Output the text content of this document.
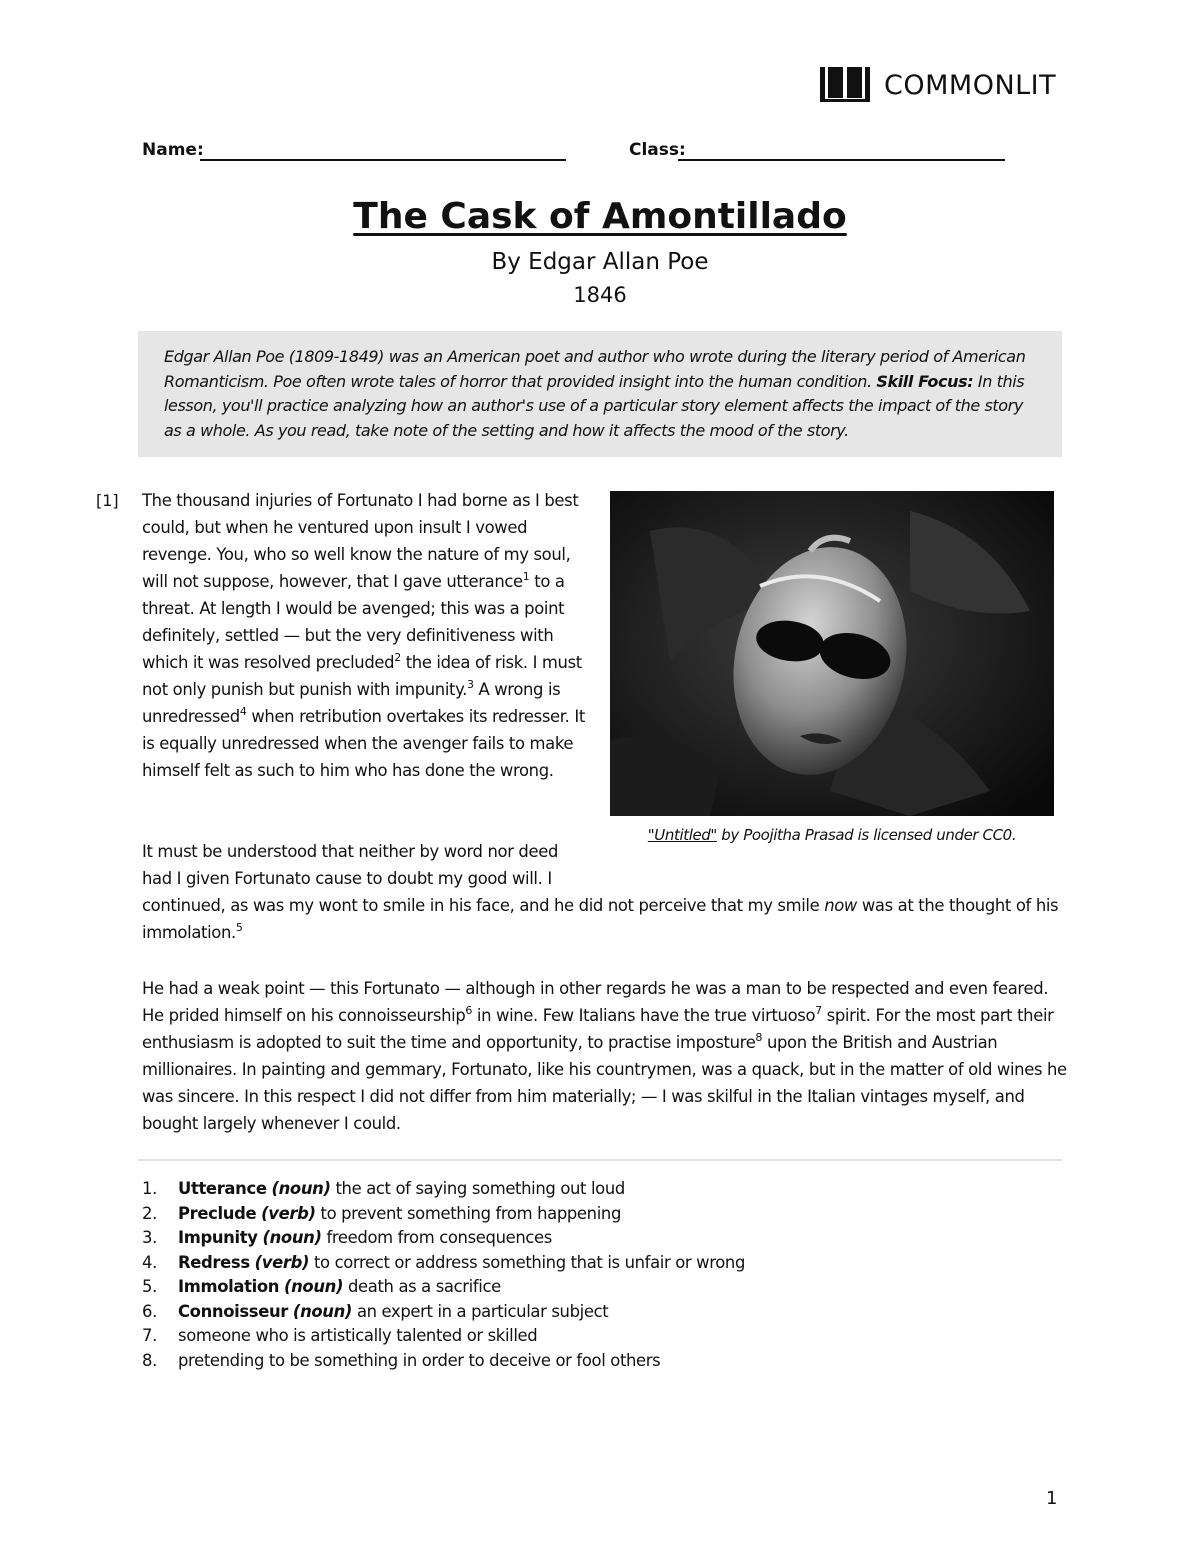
COMMONLIT
Name:	Class:
The Cask of Amontillado
By Edgar Allan Poe
1846

Edgar Allan Poe (1809-1849) was an American poet and author who wrote during the literary period of American Romanticism. Poe often wrote tales of horror that provided insight into the human condition. Skill Focus: In this lesson, you'll practice analyzing how an author's use of a particular story element affects the impact of the story as a whole. As you read, take note of the setting and how it affects the mood of the story.

[1] The thousand injuries of Fortunato I had borne as I best could, but when he ventured upon insult I vowed revenge. You, who so well know the nature of my soul, will not suppose, however, that I gave utterance$^1$ to a threat. At length I would be avenged; this was a point definitely, settled — but the very definitiveness with which it was resolved precluded$^2$ the idea of risk. I must not only punish but punish with impunity.$^3$ A wrong is unredressed$^4$ when retribution overtakes its redresser. It is equally unredressed when the avenger fails to make himself felt as such to him who has done the wrong.

"Untitled" by Poojitha Prasad is licensed under CC0.

It must be understood that neither by word nor deed
had I given Fortunato cause to doubt my good will. I

continued, as was my wont to smile in his face, and he did not perceive that my smile now was at the thought of his immolation.$^5$

He had a weak point — this Fortunato — although in other regards he was a man to be respected and even feared. He prided himself on his connoisseurship$^6$ in wine. Few Italians have the true virtuoso$^7$ spirit. For the most part their enthusiasm is adopted to suit the time and opportunity, to practise imposture$^8$ upon the British and Austrian millionaires. In painting and gemmary, Fortunato, like his countrymen, was a quack, but in the matter of old wines he was sincere. In this respect I did not differ from him materially; — I was skilful in the Italian vintages myself, and bought largely whenever I could.

1. Utterance (noun) the act of saying something out loud
2. Preclude (verb) to prevent something from happening
3. Impunity (noun) freedom from consequences
4. Redress (verb) to correct or address something that is unfair or wrong
5. Immolation (noun) death as a sacrifice
6. Connoisseur (noun) an expert in a particular subject
7. someone who is artistically talented or skilled
8. pretending to be something in order to deceive or fool others
1
